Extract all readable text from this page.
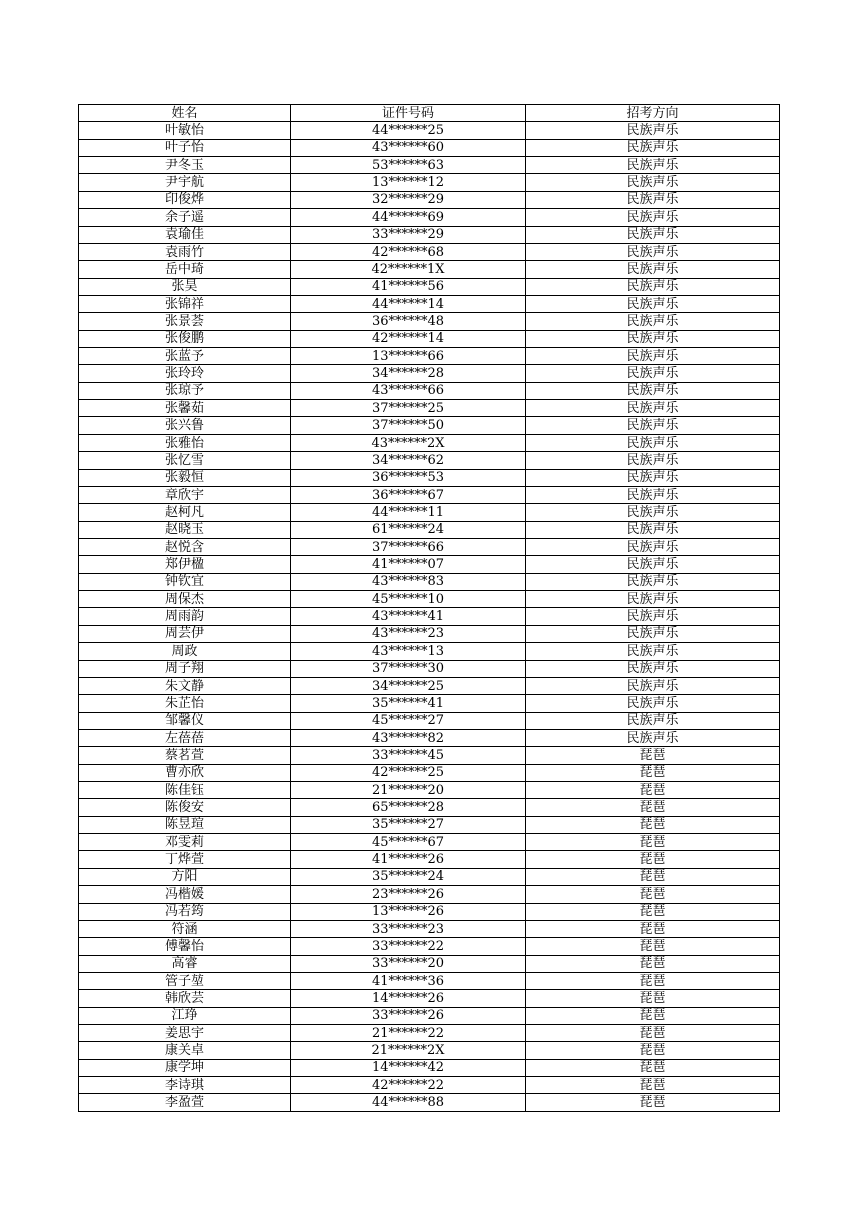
姓名	证件号码	招考方向
叶敏怡	44******25	民族声乐
叶子怡	43******60	民族声乐
尹冬玉	53******63	民族声乐
尹宇航	13******12	民族声乐
印俊烨	32******29	民族声乐
余子遥	44******69	民族声乐
袁瑜佳	33******29	民族声乐
袁雨竹	42******68	民族声乐
岳中琦	42******1X	民族声乐
张昊	41******56	民族声乐
张锦祥	44******14	民族声乐
张景荟	36******48	民族声乐
张俊鹏	42******14	民族声乐
张蓝予	13******66	民族声乐
张玲玲	34******28	民族声乐
张琼予	43******66	民族声乐
张馨茹	37******25	民族声乐
张兴鲁	37******50	民族声乐
张雅怡	43******2X	民族声乐
张忆雪	34******62	民族声乐
张毅恒	36******53	民族声乐
章欣宇	36******67	民族声乐
赵柯凡	44******11	民族声乐
赵晓玉	61******24	民族声乐
赵悦含	37******66	民族声乐
郑伊楹	41******07	民族声乐
钟钦宜	43******83	民族声乐
周保杰	45******10	民族声乐
周雨韵	43******41	民族声乐
周芸伊	43******23	民族声乐
周政	43******13	民族声乐
周子翔	37******30	民族声乐
朱文静	34******25	民族声乐
朱芷怡	35******41	民族声乐
邹馨仪	45******27	民族声乐
左蓓蓓	43******82	民族声乐
蔡茗萱	33******45	琵琶
曹亦欣	42******25	琵琶
陈佳钰	21******20	琵琶
陈俊安	65******28	琵琶
陈昱瑄	35******27	琵琶
邓雯莉	45******67	琵琶
丁烨萱	41******26	琵琶
方阳	35******24	琵琶
冯楷媛	23******26	琵琶
冯若筠	13******26	琵琶
符涵	33******23	琵琶
傅馨怡	33******22	琵琶
高睿	33******20	琵琶
管子堃	41******36	琵琶
韩欣芸	14******26	琵琶
江琤	33******26	琵琶
姜思宇	21******22	琵琶
康关卓	21******2X	琵琶
康学坤	14******42	琵琶
李诗琪	42******22	琵琶
李盈萱	44******88	琵琶
